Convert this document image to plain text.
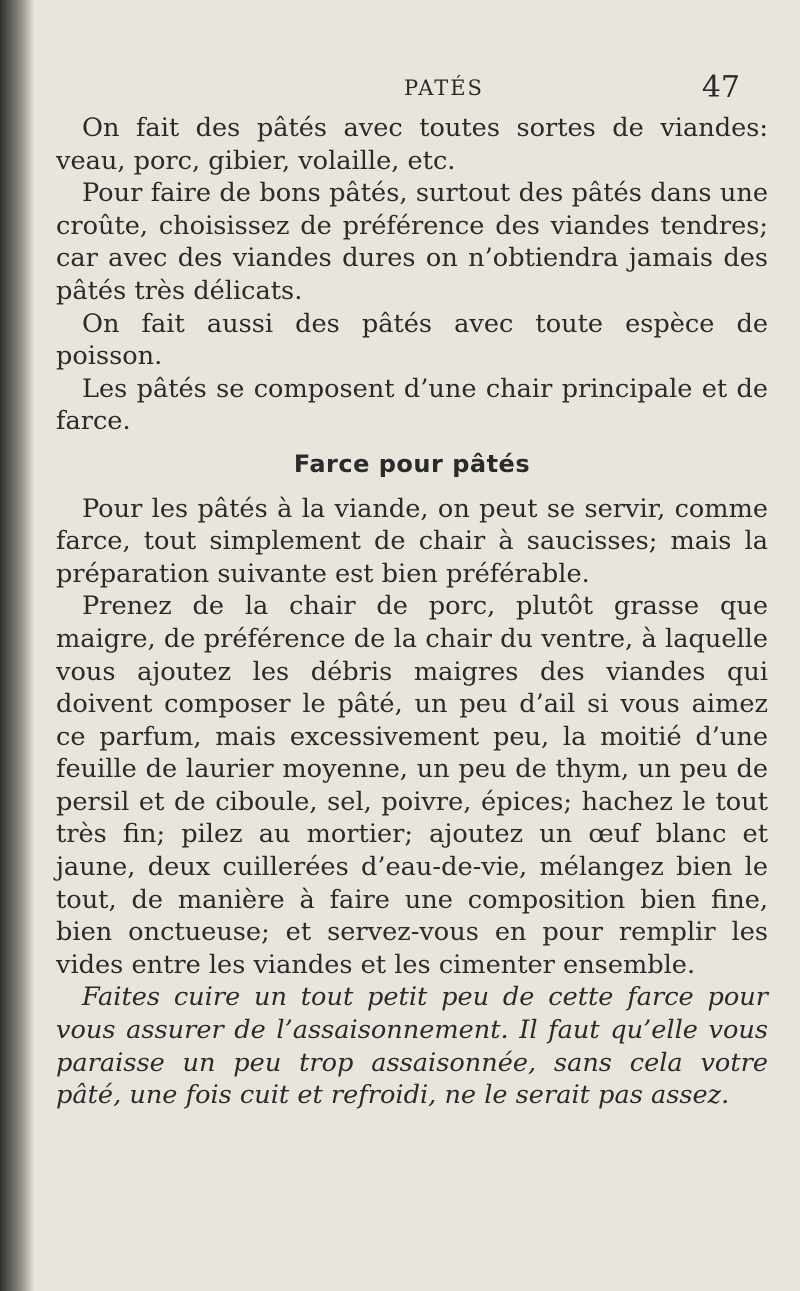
PATÉS	47

On fait des pâtés avec toutes sortes de viandes: veau, porc, gibier, volaille, etc.

Pour faire de bons pâtés, surtout des pâtés dans une croûte, choisissez de préférence des viandes tendres; car avec des viandes dures on n’obtiendra jamais des pâtés très délicats.

On fait aussi des pâtés avec toute espèce de poisson.

Les pâtés se composent d’une chair principale et de farce.

Farce pour pâtés

Pour les pâtés à la viande, on peut se servir, comme farce, tout simplement de chair à saucisses; mais la préparation suivante est bien préférable.

Prenez de la chair de porc, plutôt grasse que maigre, de préférence de la chair du ventre, à laquelle vous ajoutez les débris maigres des viandes qui doivent composer le pâté, un peu d’ail si vous aimez ce parfum, mais excessivement peu, la moitié d’une feuille de laurier moyenne, un peu de thym, un peu de persil et de ciboule, sel, poivre, épices; hachez le tout très fin; pilez au mortier; ajoutez un œuf blanc et jaune, deux cuillerées d’eau-de-vie, mélangez bien le tout, de manière à faire une composition bien fine, bien onctueuse; et servez-vous en pour remplir les vides entre les viandes et les cimenter ensemble.

Faites cuire un tout petit peu de cette farce pour vous assurer de l’assaisonnement. Il faut qu’elle vous paraisse un peu trop assaisonnée, sans cela votre pâté, une fois cuit et refroidi, ne le serait pas assez.
